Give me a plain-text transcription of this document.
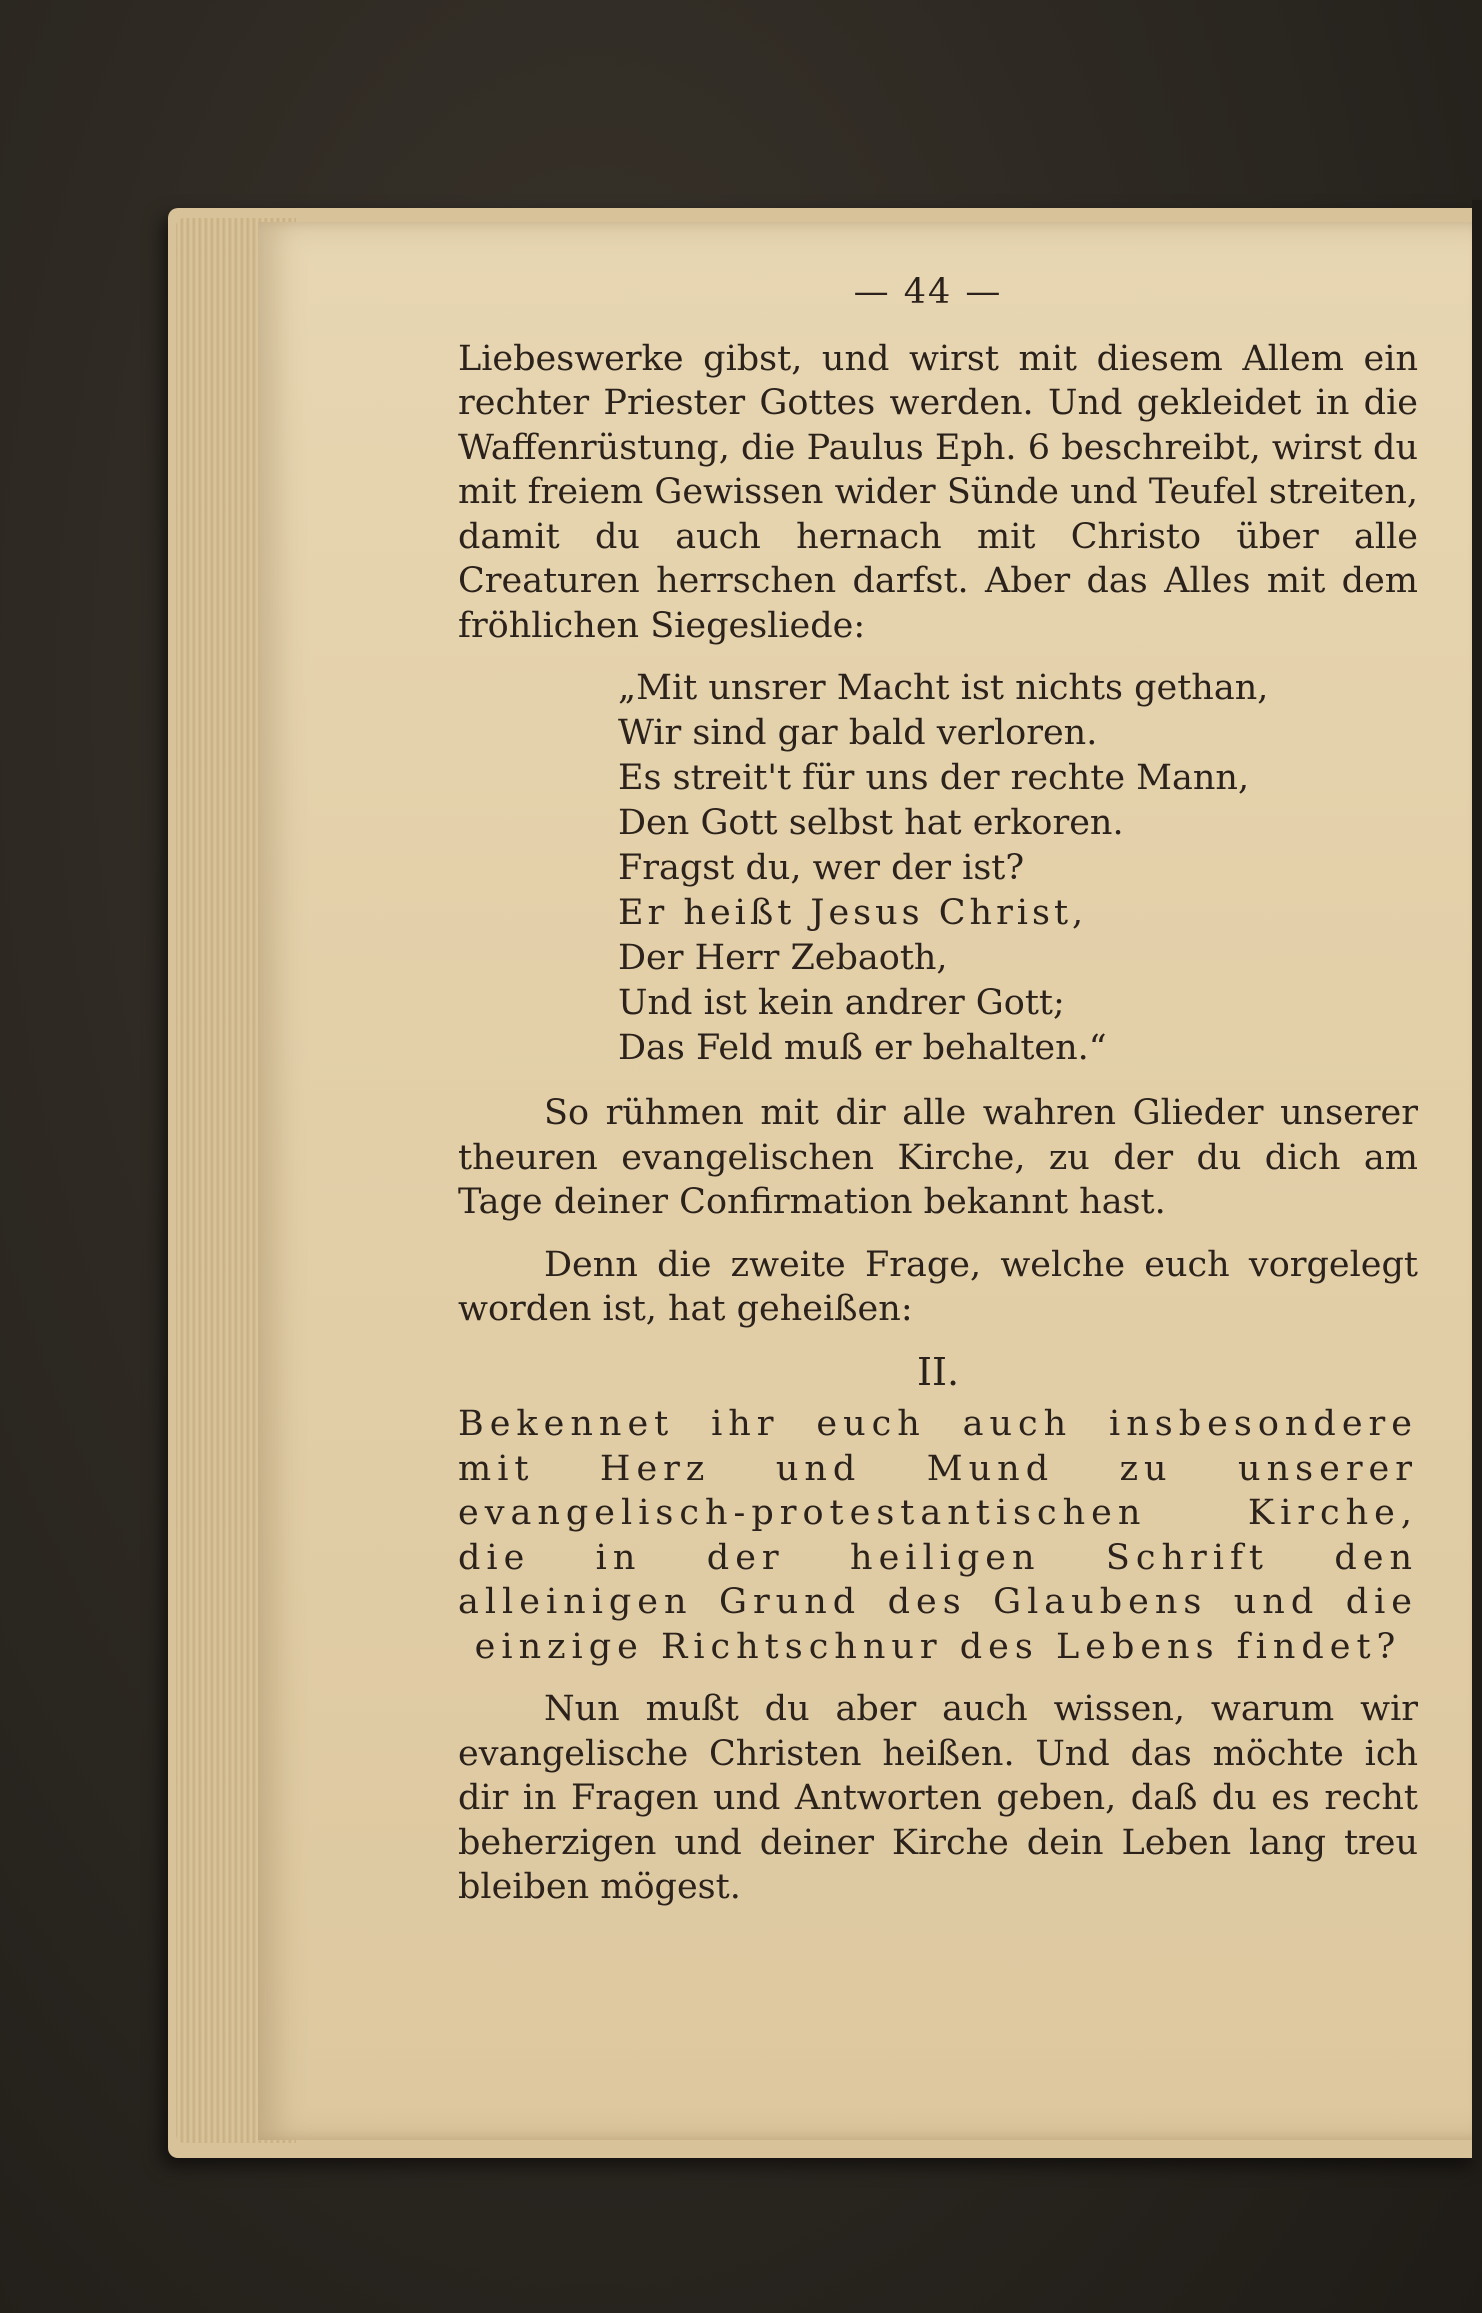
— 44 —

Liebeswerke gibst, und wirst mit diesem Allem ein rechter Priester Gottes werden. Und gekleidet in die Waffenrüstung, die Paulus Eph. 6 beschreibt, wirst du mit freiem Gewissen wider Sünde und Teufel streiten, damit du auch hernach mit Christo über alle Creaturen herrschen darfst. Aber das Alles mit dem fröhlichen Siegesliede:

„Mit unsrer Macht ist nichts gethan,
Wir sind gar bald verloren.
Es streit't für uns der rechte Mann,
Den Gott selbst hat erkoren.
Fragst du, wer der ist?
Er heißt Jesus Christ,
Der Herr Zebaoth,
Und ist kein andrer Gott;
Das Feld muß er behalten.“

So rühmen mit dir alle wahren Glieder unserer theuren evangelischen Kirche, zu der du dich am Tage deiner Confirmation bekannt hast.

Denn die zweite Frage, welche euch vorgelegt worden ist, hat geheißen:

II.
Bekennet ihr euch auch insbesondere mit Herz und Mund zu unserer evangelisch-protestantischen Kirche, die in der heiligen Schrift den alleinigen Grund des Glaubens und die einzige Richtschnur des Lebens findet?

Nun mußt du aber auch wissen, warum wir evangelische Christen heißen. Und das möchte ich dir in Fragen und Antworten geben, daß du es recht beherzigen und deiner Kirche dein Leben lang treu bleiben mögest.
